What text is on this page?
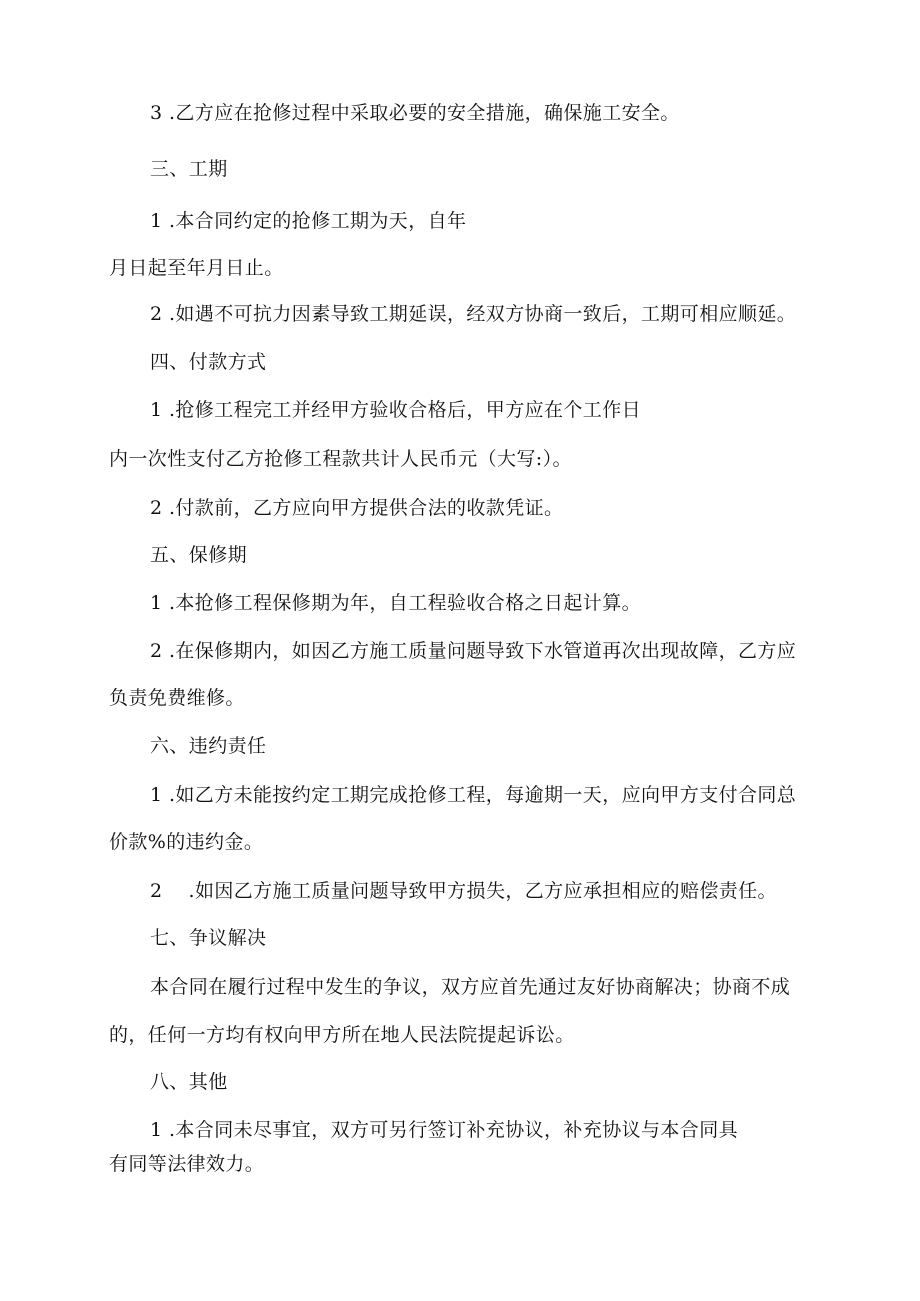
3 .乙方应在抢修过程中采取必要的安全措施，确保施工安全。
三、工期
1 .本合同约定的抢修工期为天，自年
月日起至年月日止。
2 .如遇不可抗力因素导致工期延误，经双方协商一致后，工期可相应顺延。
四、付款方式
1 .抢修工程完工并经甲方验收合格后，甲方应在个工作日
内一次性支付乙方抢修工程款共计人民币元（大写:）。
2 .付款前，乙方应向甲方提供合法的收款凭证。
五、保修期
1 .本抢修工程保修期为年，自工程验收合格之日起计算。
2 .在保修期内，如因乙方施工质量问题导致下水管道再次出现故障，乙方应
负责免费维修。
六、违约责任
1 .如乙方未能按约定工期完成抢修工程，每逾期一天，应向甲方支付合同总
价款%的违约金。
2 .如因乙方施工质量问题导致甲方损失，乙方应承担相应的赔偿责任。
七、争议解决
本合同在履行过程中发生的争议，双方应首先通过友好协商解决；协商不成
的，任何一方均有权向甲方所在地人民法院提起诉讼。
八、其他
1 .本合同未尽事宜，双方可另行签订补充协议，补充协议与本合同具
有同等法律效力。
